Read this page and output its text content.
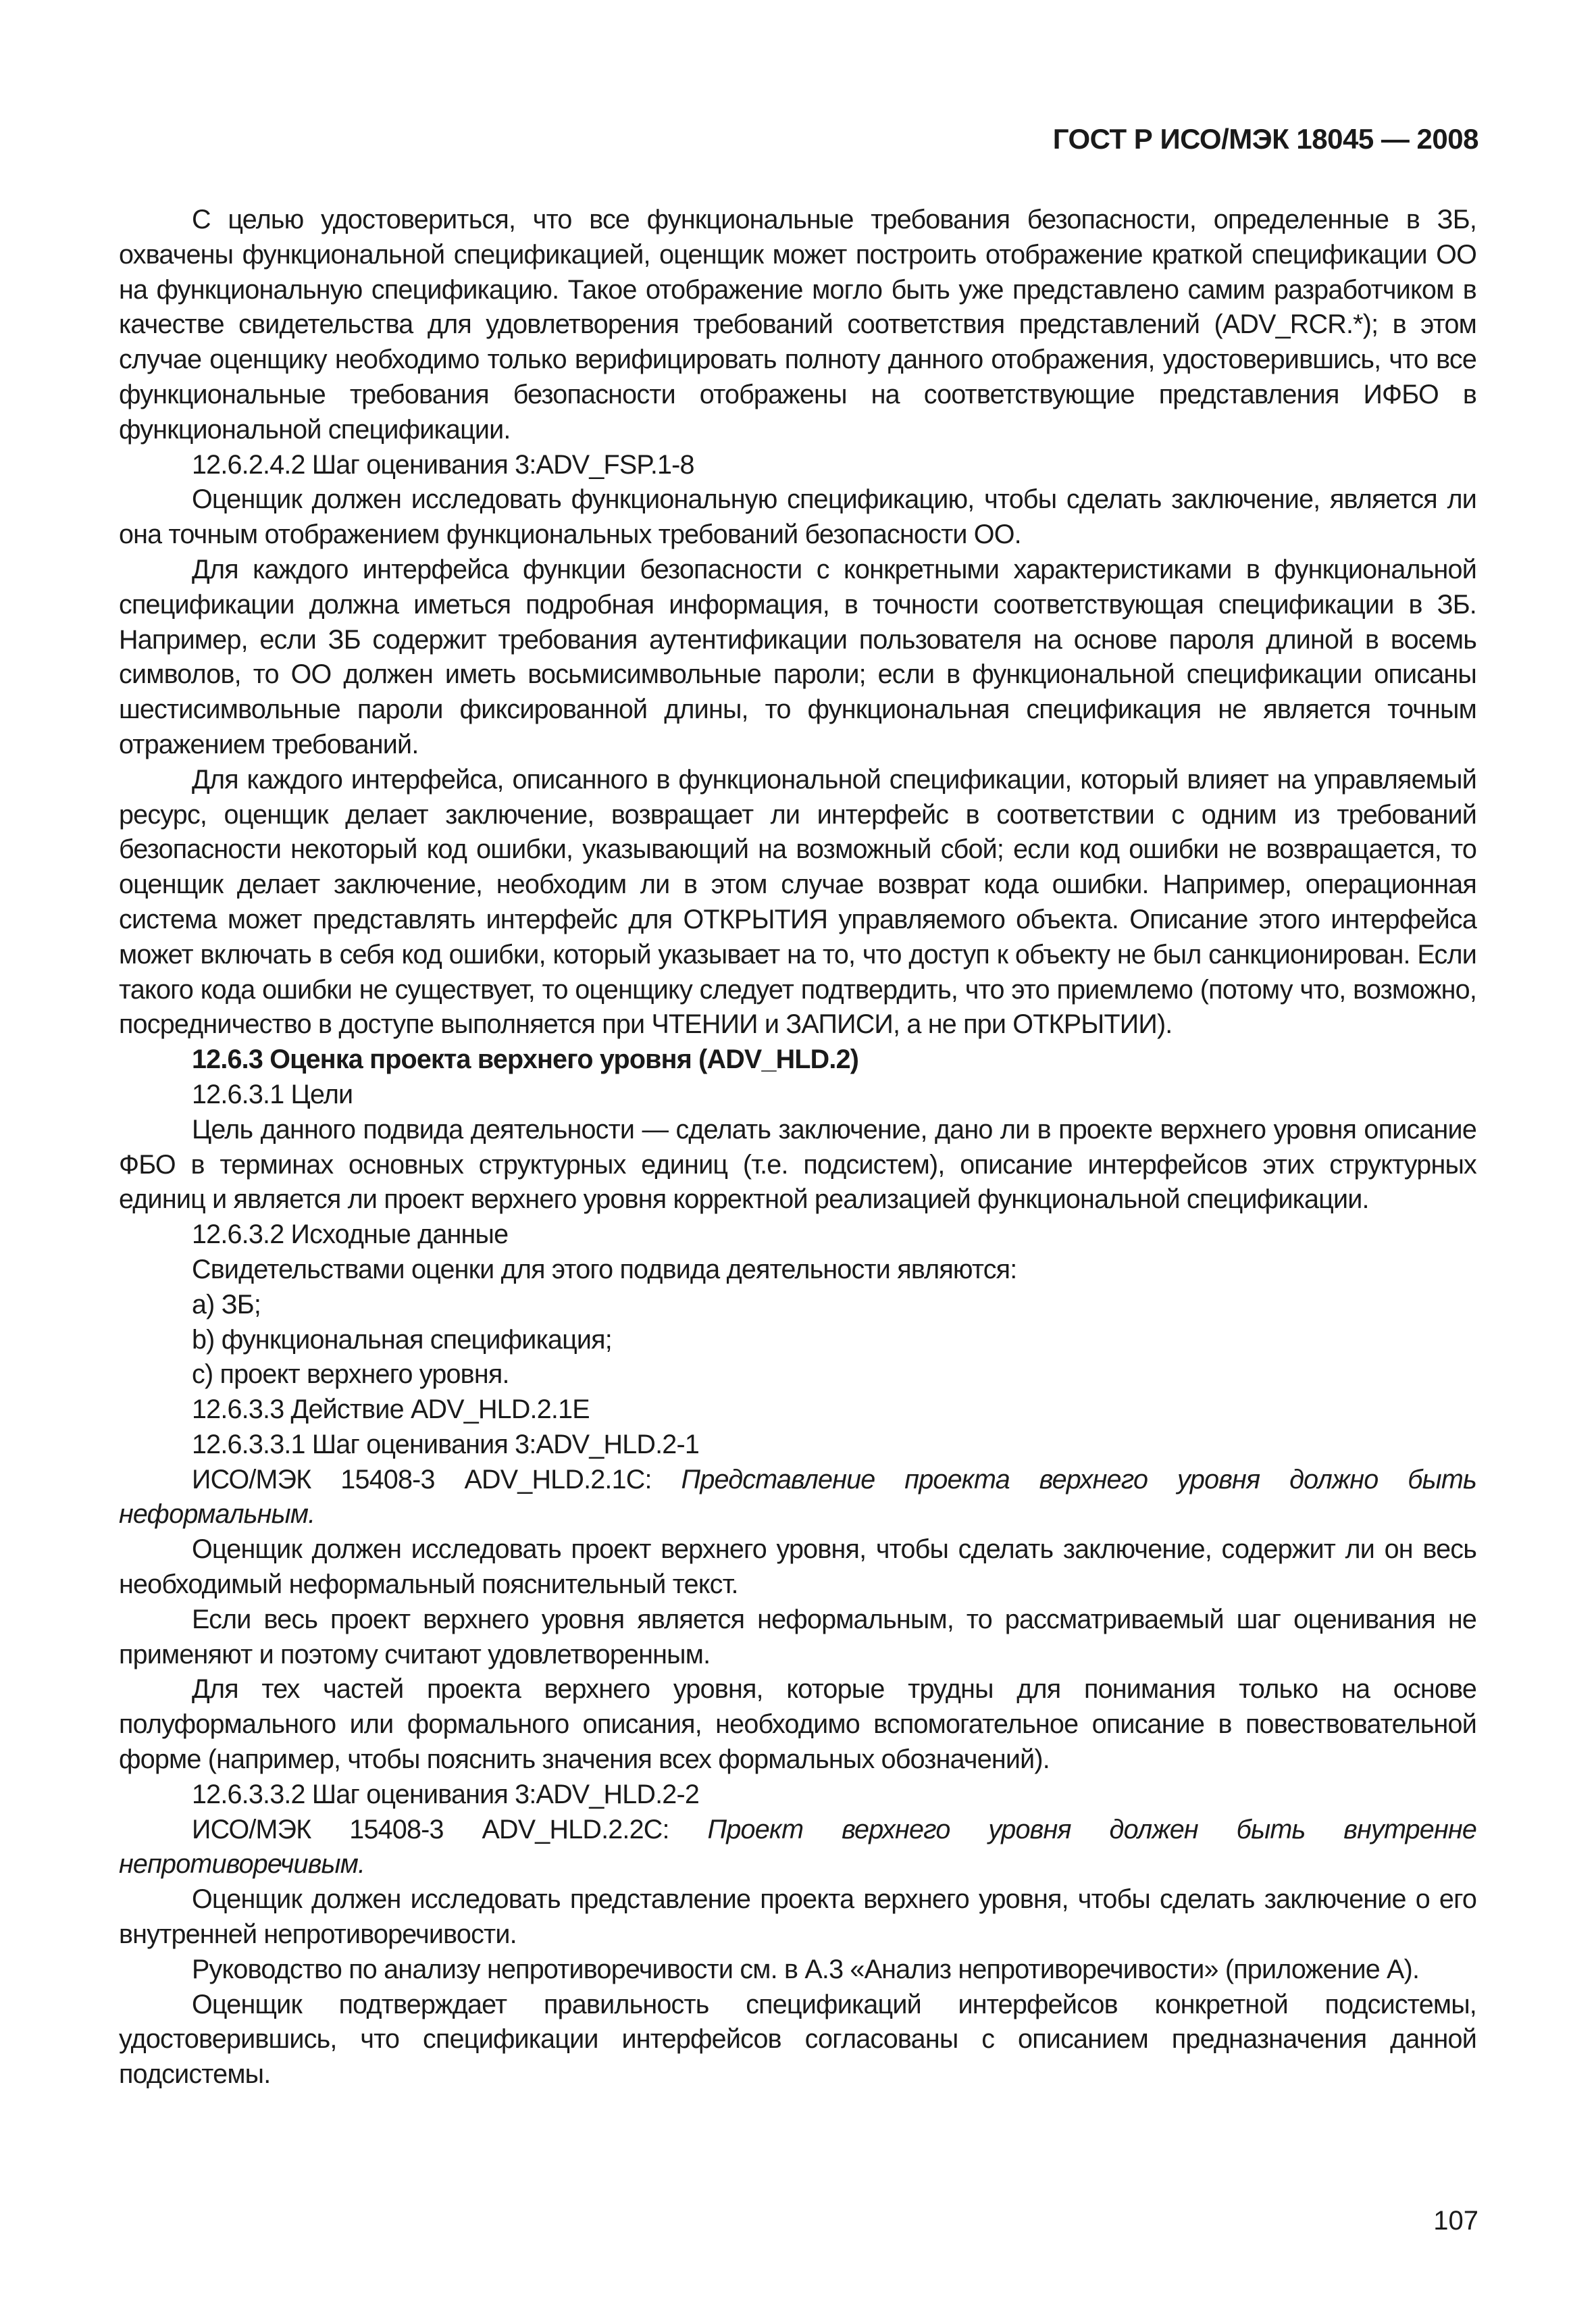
ГОСТ Р ИСО/МЭК 18045 — 2008

С целью удостовериться, что все функциональные требования безопасности, определенные в ЗБ, охвачены функциональной спецификацией, оценщик может построить отображение краткой спецификации ОО на функциональную спецификацию. Такое отображение могло быть уже представлено самим разработчиком в качестве свидетельства для удовлетворения требований соответствия представлений (ADV_RCR.*); в этом случае оценщику необходимо только верифицировать полноту данного отображения, удостоверившись, что все функциональные требования безопасности отображены на соответствующие представления ИФБО в функциональной спецификации.

12.6.2.4.2 Шаг оценивания 3:ADV_FSP.1-8

Оценщик должен исследовать функциональную спецификацию, чтобы сделать заключение, является ли она точным отображением функциональных требований безопасности ОО.

Для каждого интерфейса функции безопасности с конкретными характеристиками в функциональной спецификации должна иметься подробная информация, в точности соответствующая спецификации в ЗБ. Например, если ЗБ содержит требования аутентификации пользователя на основе пароля длиной в восемь символов, то ОО должен иметь восьмисимвольные пароли; если в функциональной спецификации описаны шестисимвольные пароли фиксированной длины, то функциональная спецификация не является точным отражением требований.

Для каждого интерфейса, описанного в функциональной спецификации, который влияет на управляемый ресурс, оценщик делает заключение, возвращает ли интерфейс в соответствии с одним из требований безопасности некоторый код ошибки, указывающий на возможный сбой; если код ошибки не возвращается, то оценщик делает заключение, необходим ли в этом случае возврат кода ошибки. Например, операционная система может представлять интерфейс для ОТКРЫТИЯ управляемого объекта. Описание этого интерфейса может включать в себя код ошибки, который указывает на то, что доступ к объекту не был санкционирован. Если такого кода ошибки не существует, то оценщику следует подтвердить, что это приемлемо (потому что, возможно, посредничество в доступе выполняется при ЧТЕНИИ и ЗАПИСИ, а не при ОТКРЫТИИ).

12.6.3 Оценка проекта верхнего уровня (ADV_HLD.2)

12.6.3.1 Цели

Цель данного подвида деятельности — сделать заключение, дано ли в проекте верхнего уровня описание ФБО в терминах основных структурных единиц (т.е. подсистем), описание интерфейсов этих структурных единиц и является ли проект верхнего уровня корректной реализацией функциональной спецификации.

12.6.3.2 Исходные данные

Свидетельствами оценки для этого подвида деятельности являются:

a) ЗБ;

b) функциональная спецификация;

c) проект верхнего уровня.

12.6.3.3 Действие ADV_HLD.2.1E

12.6.3.3.1 Шаг оценивания 3:ADV_HLD.2-1

ИСО/МЭК 15408-3 ADV_HLD.2.1C: Представление проекта верхнего уровня должно быть неформальным.

Оценщик должен исследовать проект верхнего уровня, чтобы сделать заключение, содержит ли он весь необходимый неформальный пояснительный текст.

Если весь проект верхнего уровня является неформальным, то рассматриваемый шаг оценивания не применяют и поэтому считают удовлетворенным.

Для тех частей проекта верхнего уровня, которые трудны для понимания только на основе полуформального или формального описания, необходимо вспомогательное описание в повествовательной форме (например, чтобы пояснить значения всех формальных обозначений).

12.6.3.3.2 Шаг оценивания 3:ADV_HLD.2-2

ИСО/МЭК 15408-3 ADV_HLD.2.2C: Проект верхнего уровня должен быть внутренне непротиворечивым.

Оценщик должен исследовать представление проекта верхнего уровня, чтобы сделать заключение о его внутренней непротиворечивости.

Руководство по анализу непротиворечивости см. в А.3 «Анализ непротиворечивости» (приложение А).

Оценщик подтверждает правильность спецификаций интерфейсов конкретной подсистемы, удостоверившись, что спецификации интерфейсов согласованы с описанием предназначения данной подсистемы.

107
